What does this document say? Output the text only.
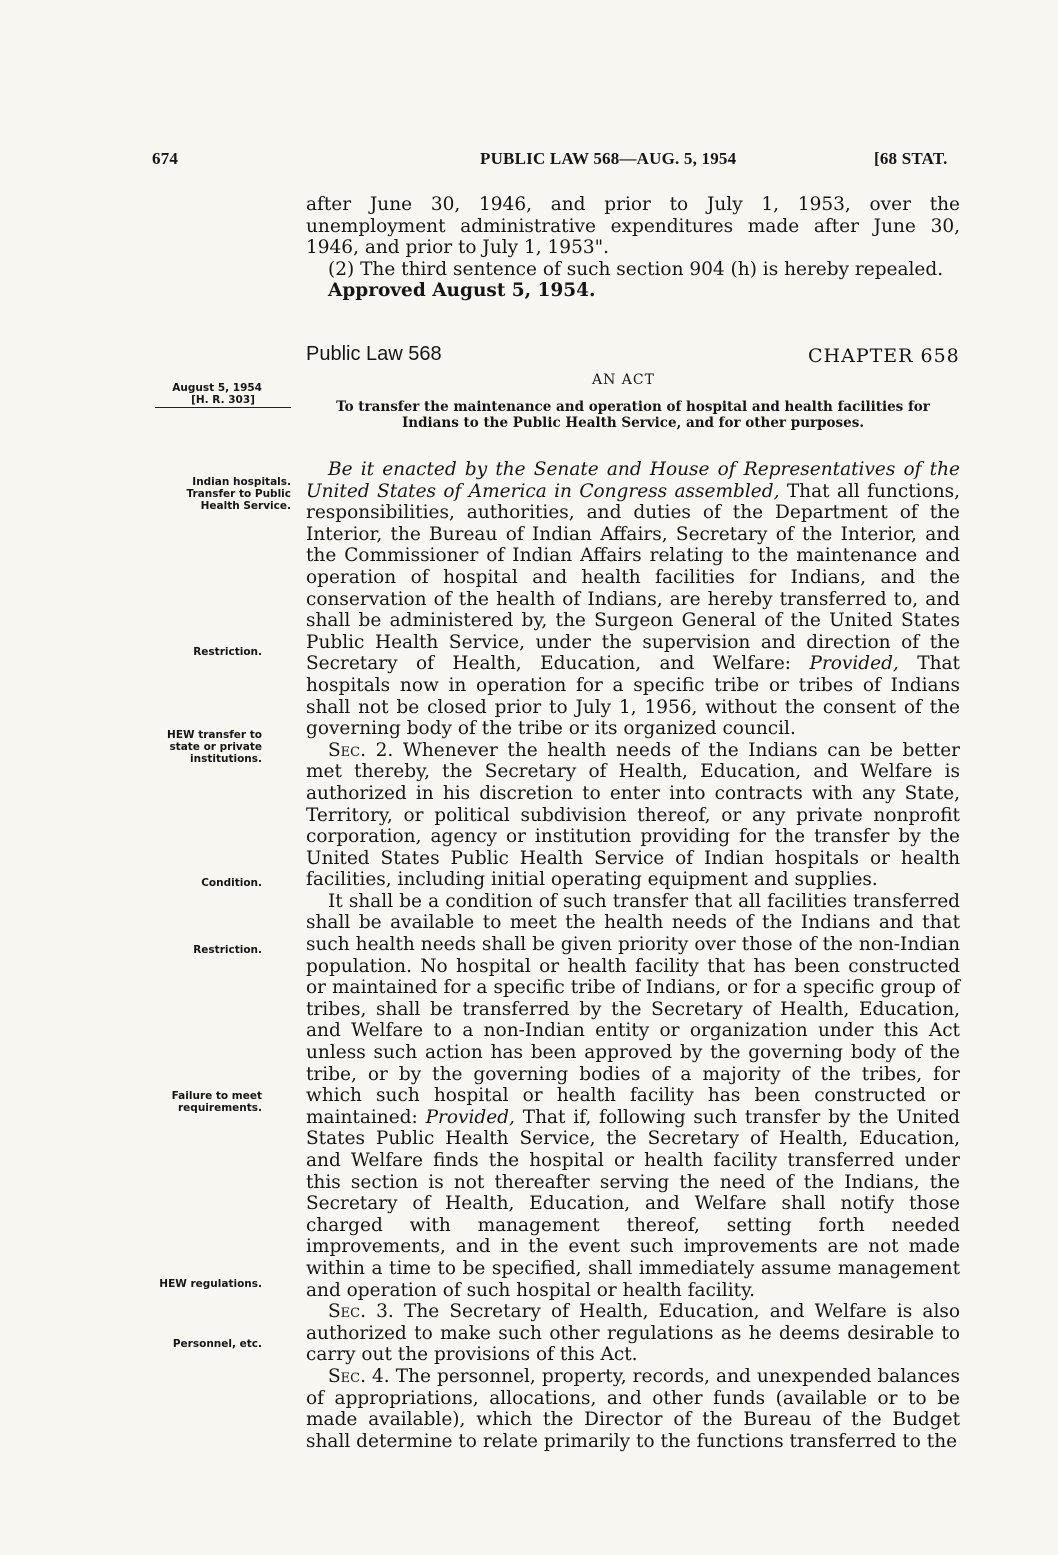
674	PUBLIC LAW 568—AUG. 5, 1954	[68 STAT.

after June 30, 1946, and prior to July 1, 1953, over the unemployment administrative expenditures made after June 30, 1946, and prior to July 1, 1953".

(2) The third sentence of such section 904 (h) is hereby repealed.

Approved August 5, 1954.

Public Law 568	CHAPTER 658
AN ACT
To transfer the maintenance and operation of hospital and health facilities for Indians to the Public Health Service, and for other purposes.
August 5, 1954
[H. R. 303]
Indian hospitals. Transfer to Public Health Service.
Restriction.
HEW transfer to state or private institutions.
Condition.
Restriction.
Failure to meet requirements.
HEW regulations.
Personnel, etc.

Be it enacted by the Senate and House of Representatives of the United States of America in Congress assembled, That all functions, responsibilities, authorities, and duties of the Department of the Interior, the Bureau of Indian Affairs, Secretary of the Interior, and the Commissioner of Indian Affairs relating to the maintenance and operation of hospital and health facilities for Indians, and the conservation of the health of Indians, are hereby transferred to, and shall be administered by, the Surgeon General of the United States Public Health Service, under the supervision and direction of the Secretary of Health, Education, and Welfare: Provided, That hospitals now in operation for a specific tribe or tribes of Indians shall not be closed prior to July 1, 1956, without the consent of the governing body of the tribe or its organized council.

Sec. 2. Whenever the health needs of the Indians can be better met thereby, the Secretary of Health, Education, and Welfare is authorized in his discretion to enter into contracts with any State, Territory, or political subdivision thereof, or any private nonprofit corporation, agency or institution providing for the transfer by the United States Public Health Service of Indian hospitals or health facilities, including initial operating equipment and supplies.

It shall be a condition of such transfer that all facilities transferred shall be available to meet the health needs of the Indians and that such health needs shall be given priority over those of the non-Indian population. No hospital or health facility that has been constructed or maintained for a specific tribe of Indians, or for a specific group of tribes, shall be transferred by the Secretary of Health, Education, and Welfare to a non-Indian entity or organization under this Act unless such action has been approved by the governing body of the tribe, or by the governing bodies of a majority of the tribes, for which such hospital or health facility has been constructed or maintained: Provided, That if, following such transfer by the United States Public Health Service, the Secretary of Health, Education, and Welfare finds the hospital or health facility transferred under this section is not thereafter serving the need of the Indians, the Secretary of Health, Education, and Welfare shall notify those charged with management thereof, setting forth needed improvements, and in the event such improvements are not made within a time to be specified, shall immediately assume management and operation of such hospital or health facility.

Sec. 3. The Secretary of Health, Education, and Welfare is also authorized to make such other regulations as he deems desirable to carry out the provisions of this Act.

Sec. 4. The personnel, property, records, and unexpended balances of appropriations, allocations, and other funds (available or to be made available), which the Director of the Bureau of the Budget shall determine to relate primarily to the functions transferred to the
